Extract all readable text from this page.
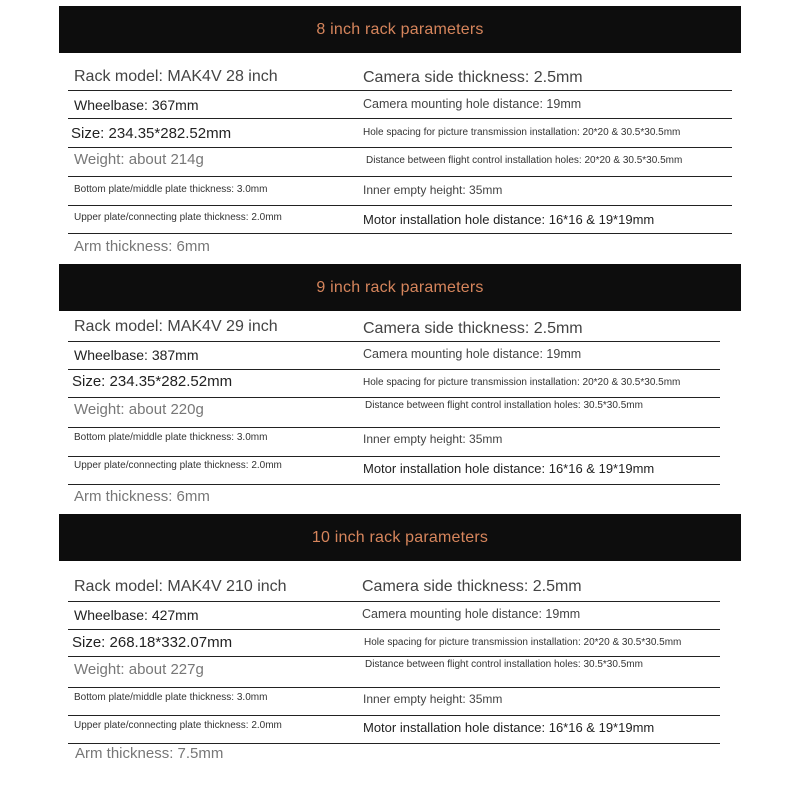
8 inch rack parameters
Rack model: MAK4V 28 inch	Camera side thickness: 2.5mm
Wheelbase: 367mm	Camera mounting hole distance: 19mm
Size: 234.35*282.52mm	Hole spacing for picture transmission installation: 20*20 & 30.5*30.5mm
Weight: about 214g	Distance between flight control installation holes: 20*20 & 30.5*30.5mm
Bottom plate/middle plate thickness: 3.0mm	Inner empty height: 35mm
Upper plate/connecting plate thickness: 2.0mm	Motor installation hole distance: 16*16 & 19*19mm
Arm thickness: 6mm
9 inch rack parameters
Rack model: MAK4V 29 inch	Camera side thickness: 2.5mm
Wheelbase: 387mm	Camera mounting hole distance: 19mm
Size: 234.35*282.52mm	Hole spacing for picture transmission installation: 20*20 & 30.5*30.5mm
Weight: about 220g	Distance between flight control installation holes: 30.5*30.5mm
Bottom plate/middle plate thickness: 3.0mm	Inner empty height: 35mm
Upper plate/connecting plate thickness: 2.0mm	Motor installation hole distance: 16*16 & 19*19mm
Arm thickness: 6mm
10 inch rack parameters
Rack model: MAK4V 210 inch	Camera side thickness: 2.5mm
Wheelbase: 427mm	Camera mounting hole distance: 19mm
Size: 268.18*332.07mm	Hole spacing for picture transmission installation: 20*20 & 30.5*30.5mm
Weight: about 227g	Distance between flight control installation holes: 30.5*30.5mm
Bottom plate/middle plate thickness: 3.0mm	Inner empty height: 35mm
Upper plate/connecting plate thickness: 2.0mm	Motor installation hole distance: 16*16 & 19*19mm
Arm thickness: 7.5mm
